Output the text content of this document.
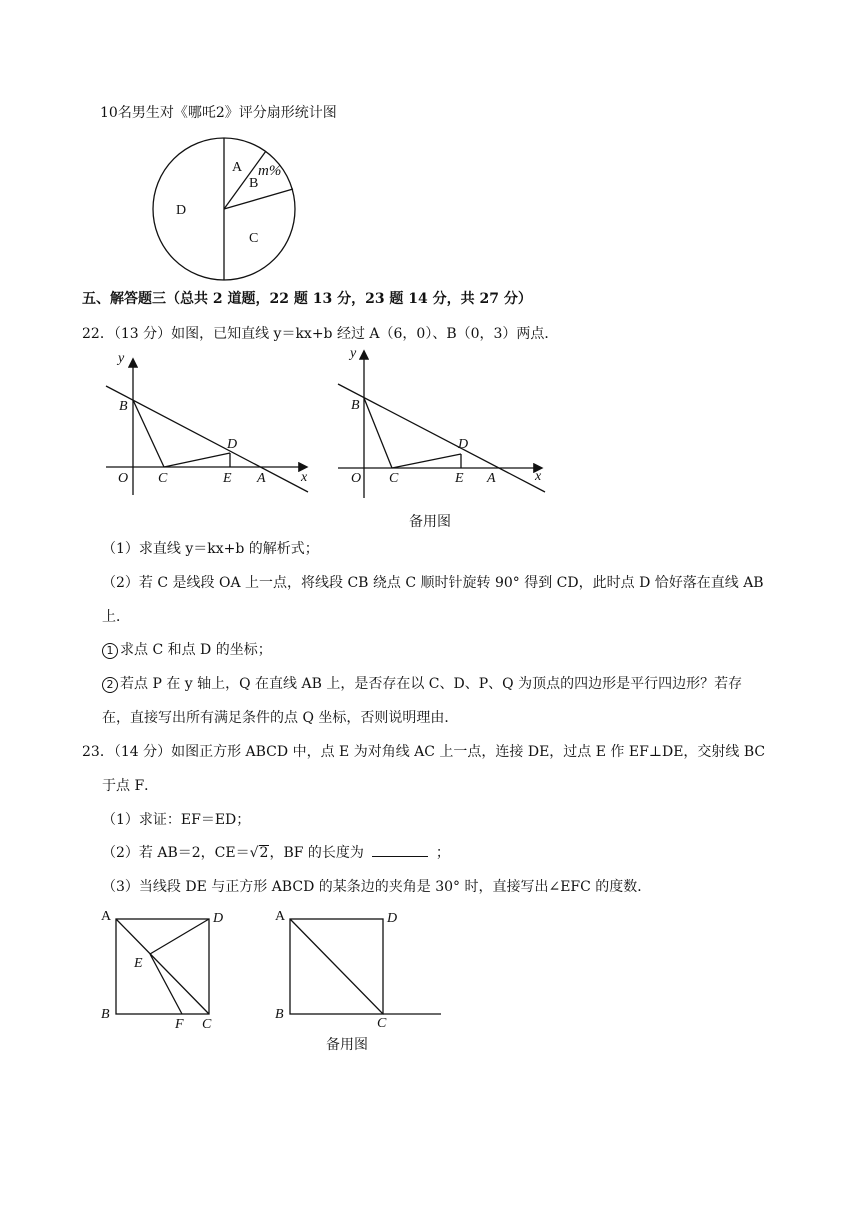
10名男生对《哪吒2》评分扇形统计图
A
B
m%
C
D
五、解答题三（总共 2 道题，22 题 13 分，23 题 14 分，共 27 分）
22．（13 分）如图，已知直线 y＝kx+b 经过 A（6，0）、B（0，3）两点．
y
x
O
B
C
D
E A
y
x
O
B
C
D
E A
备用图
（1）求直线 y＝kx+b 的解析式；
（2）若 C 是线段 OA 上一点，将线段 CB 绕点 C 顺时针旋转 90° 得到 CD，此时点 D 恰好落在直线 AB
上．
1 求点 C 和点 D 的坐标；
2 若点 P 在 y 轴上，Q 在直线 AB 上，是否存在以 C、D、P、Q 为顶点的四边形是平行四边形？若存
在，直接写出所有满足条件的点 Q 坐标，否则说明理由．
23．（14 分）如图正方形 ABCD 中，点 E 为对角线 AC 上一点，连接 DE，过点 E 作 EF⊥DE，交射线 BC
于点 F．
（1）求证：EF＝ED；
（2）若 AB＝2，CE＝√2，BF 的长度为	；
（3）当线段 DE 与正方形 ABCD 的某条边的夹角是 30° 时，直接写出∠EFC 的度数．
A	D
E
B
F C
A	D
B
C
备用图
